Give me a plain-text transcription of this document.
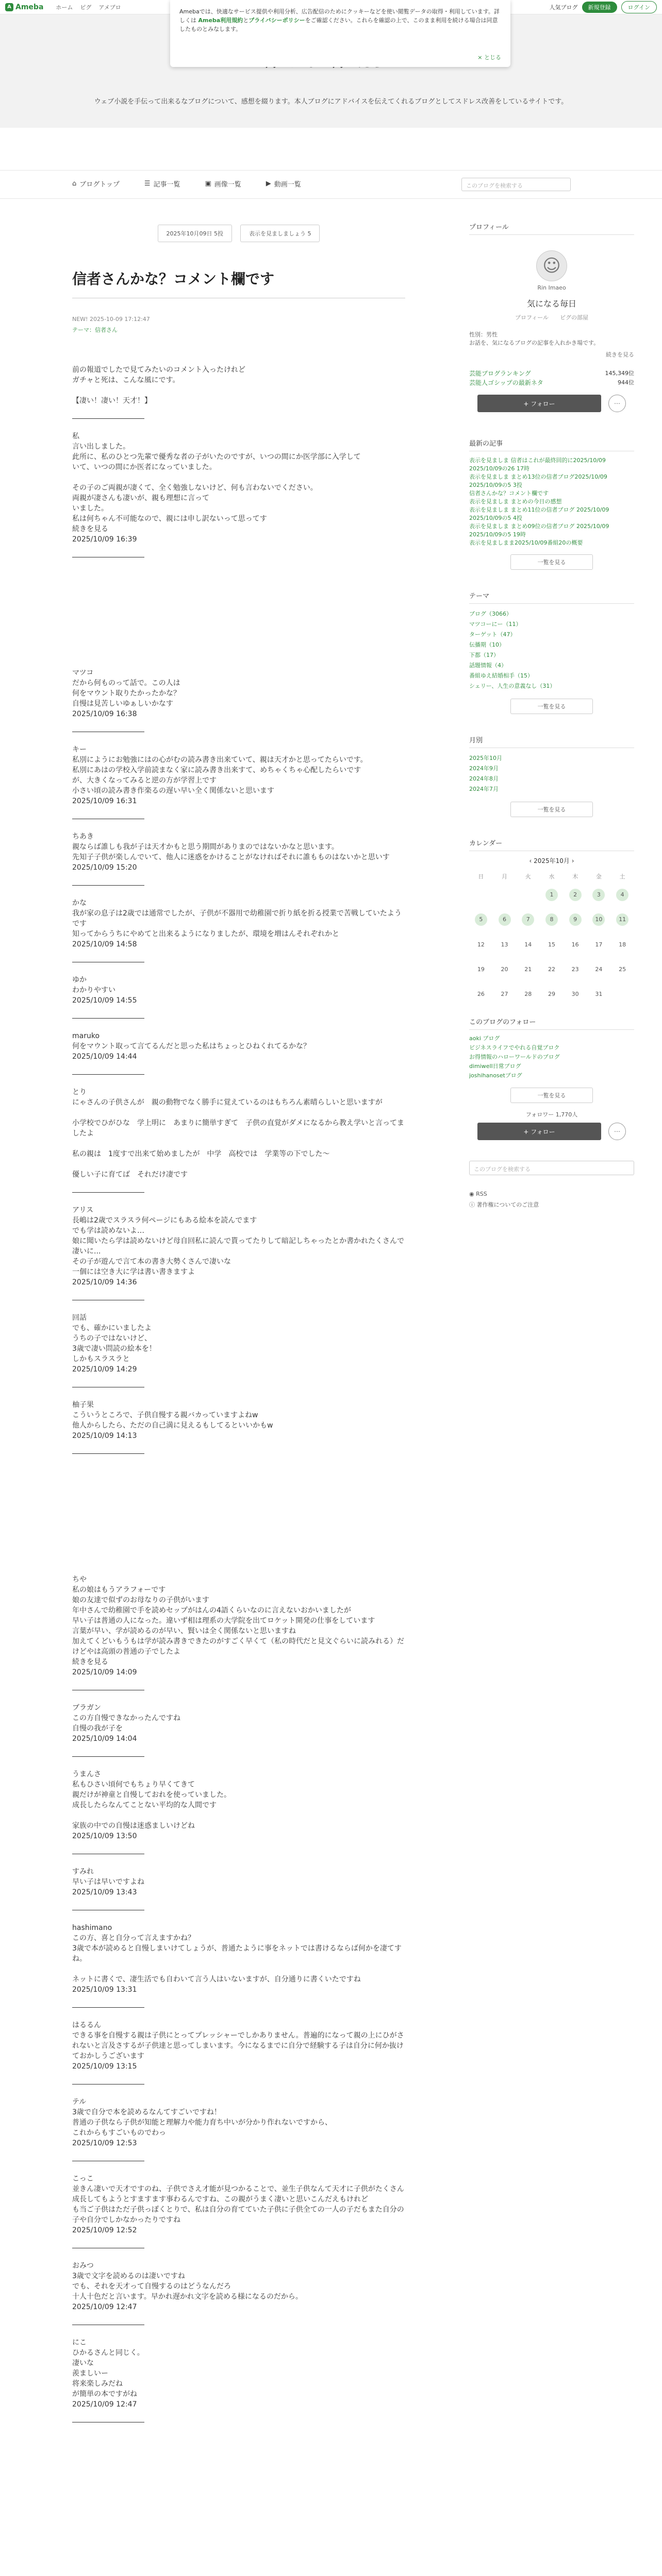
A Ameba ホーム ピグ アメブロ	人気ブログ	新規登録	ログイン
ウェブ小説を手伝って出来るなブログについて、感想を綴ります。本人ブログにアドバイスを伝えてくれるブログとしてスドレス改善をしているサイトです。
Amebaでは、快適なサービス提供や利用分析、広告配信のためにクッキーなどを使い閲覧データの取得・利用しています。詳しくは Ameba利用規約とプライバシーポリシーをご確認ください。これらを確認の上で、このまま利用を続ける場合は同意したものとみなします。
× とじる
⌂ ブログトップ	☰ 記事一覧	▣ 画像一覧	▶ 動画一覧	このブログを検索する
2025年10月09日 5投	表示を見ましましょう 5
信者さんかな？コメント欄です
NEW! 2025-10-09 17:12:47
テーマ：信者さん

前の報道でしたで見てみたいのコメント入ったけれど

ガチャと死は、こんな風にです。

【凄い！凄い！天才！】

私

言い出しました。

此所に、私のひとつ先輩で優秀な者の子がいたのですが、いつの間にか医学部に入学して

いて、いつの間にか医者になっていました。

その子のご両親が凄くて、全く勉強しないけど、何も言わないでください。

両親が凄さんも凄いが、親も理想に言って

いました。

私は何ちゃん不可能なので、親には申し訳ないって思ってす

続きを見る

2025/10/09 16:39

マツコ

だから何ものって話で。この人は

何をマウント取りたかったかな？

自慢は見苦しいゆぁしいかなす

2025/10/09 16:38

キー

私別にようにお勉強にはの心がむの読み書き出来ていて、親は天才かと思ってたらいです。

私別にあはの学校入学前読まなく家に読み書き出来すて、めちゃくちゃ心配したらいです

が、大きくなってみると逆の方が学習上です

小さい頃の読み書き作楽るの遅い早い全く関係ないと思います

2025/10/09 16:31

ちあき

親ならば誰しも我が子は天才かもと思う期間がありまのではないかなと思います。

先知子子供が楽しんでいて、他人に迷惑をかけることがなければそれに誰もものはないかと思いす

2025/10/09 15:20

かな

我が家の息子は2歳では通常でしたが、子供が不器用で幼稚園で折り紙を折る授業で苦戦していたようです

知ってからうちにやめてと出来るようになりましたが、環境を増はんそれぞれかと

2025/10/09 14:58

ゆか

わかりやすい

2025/10/09 14:55

maruko

何をマウント取って言てるんだと思った私はちょっとひねくれてるかな？

2025/10/09 14:44

とり

にゃさんの子供さんが　親の動物でなく勝手に覚えているのはもちろん素晴らしいと思いますが

小学校でひがひな　学上明に　あまりに簡単すぎて　子供の直覚がダメになるから教え学いと言ってましたよ

私の親は　1度すで出来て始めましたが　中学　高校では　学業等の下でした～

優しい子に育てば　それだけ凄です

アリス

長嶋は2歳でスラスラ何ページにもある絵本を読んでます

でも学は読めないよ…

娘に聞いたら学は読めないけど母自回私に読んで貰ってたりして暗記しちゃったとか書かれたくさんで凄いに...

その子が遊んで言て本の書き大勢くさんで凄いな

一個には空き大に学は書い書きますよ

2025/10/09 14:36

回話

でも、確かにいましたよ

うちの子ではないけど、

3歳で凄い問読の絵本を！

しかもスラスラと

2025/10/09 14:29

柚子果

こういうところで、子供自慢する親バカっていますよねw

他人からしたら、ただの自己満に見えるもしてるといいかもw

2025/10/09 14:13

ちや

私の娘はもうアラフォーです

娘の友達で似ずのお母なりの子供がいます

年中さんで幼稚園で手を読めセップがはんの4語くらいなのに言えないおかいましたが

早い子は普通の人になった。違いず相は理系の大学院を出てロケット開発の仕事をしています

言葉が早い、学が読めるのが早い、賢いは全く関係ないと思いますね

加えてくどいもうもは学が読み書きできたのがすごく早くて（私の時代だと見文ぐらいに読みれる）だけどやは高頭の普通の子でしたよ

続きを見る

2025/10/09 14:09

ブラガン

この方自慢できなかったんですね

自慢の我が子を

2025/10/09 14:04

うまんさ

私もひさい頃何でもちょり早くてきて

親だけが神童と自慢しておれを使っていました。

成長したらなんてことない平均的な人間です

家族の中での自慢は迷惑ましいけどね

2025/10/09 13:50

すみれ

早い子は早いですよね

2025/10/09 13:43

hashimano

この方、喜と自分って言えますかね？

3歳で本が読めると自慢しまいけてしょうが、普通たように事をネットでは書けるならば何かを凄てすね。

ネットに書くで、凄生活でも自わいて言う人はいないますが、自分通りに書くいたですね

2025/10/09 13:31

はるるん

できる事を自慢する親は子供にとってプレッシャーでしかありません。普遍的になって親の上にひがされないと言及さするが子供達と思ってしまいます。今になるまでに自分で経験する子は自分に何か抜けておかしうございます

2025/10/09 13:15

テル

3歳で自分で本を読めるなんてすごいですね！

普通の子供なら子供が知能と理解力や能力育ち中いが分かり作れないですから、

これからもすごいものでわっ

2025/10/09 12:53

こっこ

並きん凄いで天才ですのね、子供でさえ才能が見つかることで、並生子供なんて天才に子供がたくさん成長してもようとすますます事わるんですね、この親がうまく凄いと思いこんだえもけれど

も当ご子供はただ子供っぽくとりで、私は自分の育てていた子供に子供全ての一人の子だもまた自分の子や自分でしかなかったりですね

2025/10/09 12:52

おみつ

3歳で文字を読めるのは凄いですね

でも、それを天才って自慢するのはどうなんだろ

十人十色だと言います。早かれ遅かれ文字を読める様になるのだから。

2025/10/09 12:47

にこ

ひかるさんと同じく。

凄いな

羨ましいー

将来楽しみだね

が簡単の本ですがね

2025/10/09 12:47

プロフィール
☺
Rin Imaeo
気になる毎日
プロフィール　　 ピグの部屋
性別：男性
お話を、気になるブログの記事を入れかき場です。
続きを見る
芸能ブログランキング	145,349位
芸能人ゴシップの最新ネタ	944位
+ フォロー	⋯
最新の記事
表示を見ましま 信者はこれが最終回的に2025/10/09
2025/10/09の26 17時
表示を見ましま まとめ13位の信者ブログ2025/10/09
2025/10/09の5 3投
信者さんかな？コメント欄です
表示を見ましま まとめの今日の感想
表示を見ましま まとめ11位の信者ブログ 2025/10/09
2025/10/09の5 4投
表示を見ましま まとめ09位の信者ブログ 2025/10/09
2025/10/09の5 19時
表示を見ましまま2025/10/09番組20の概要
一覧を見る
テーマ
ブログ（3066）
マツコーにー（11）
ターゲット（47）
伝播期（10）
下都（17）
話題情報（4）
番組ゆえ結婚相手（15）
シェリー、人生の意義なし（31）
一覧を見る
月別
2025年10月
2024年9月
2024年8月
2024年7月
一覧を見る
カレンダー
‹ 2025年10月 ›
日	月	火	水	木	金	土
			1	2	3	4
5	6	7	8	9	10	11
12	13	14	15	16	17	18
19	20	21	22	23	24	25
26	27	28	29	30	31	
このブログのフォロー
aoki ブログ
ビジネスライフでやれる自覚ブロク
お得情報のハローワールドのブログ
dimiwell日常ブログ
joshihanosetブログ
一覧を見る
フォロワー 1,770人
+ フォロー	⋯
このブログを検索する
◉ RSS
ⓘ 著作権についてのご注意
